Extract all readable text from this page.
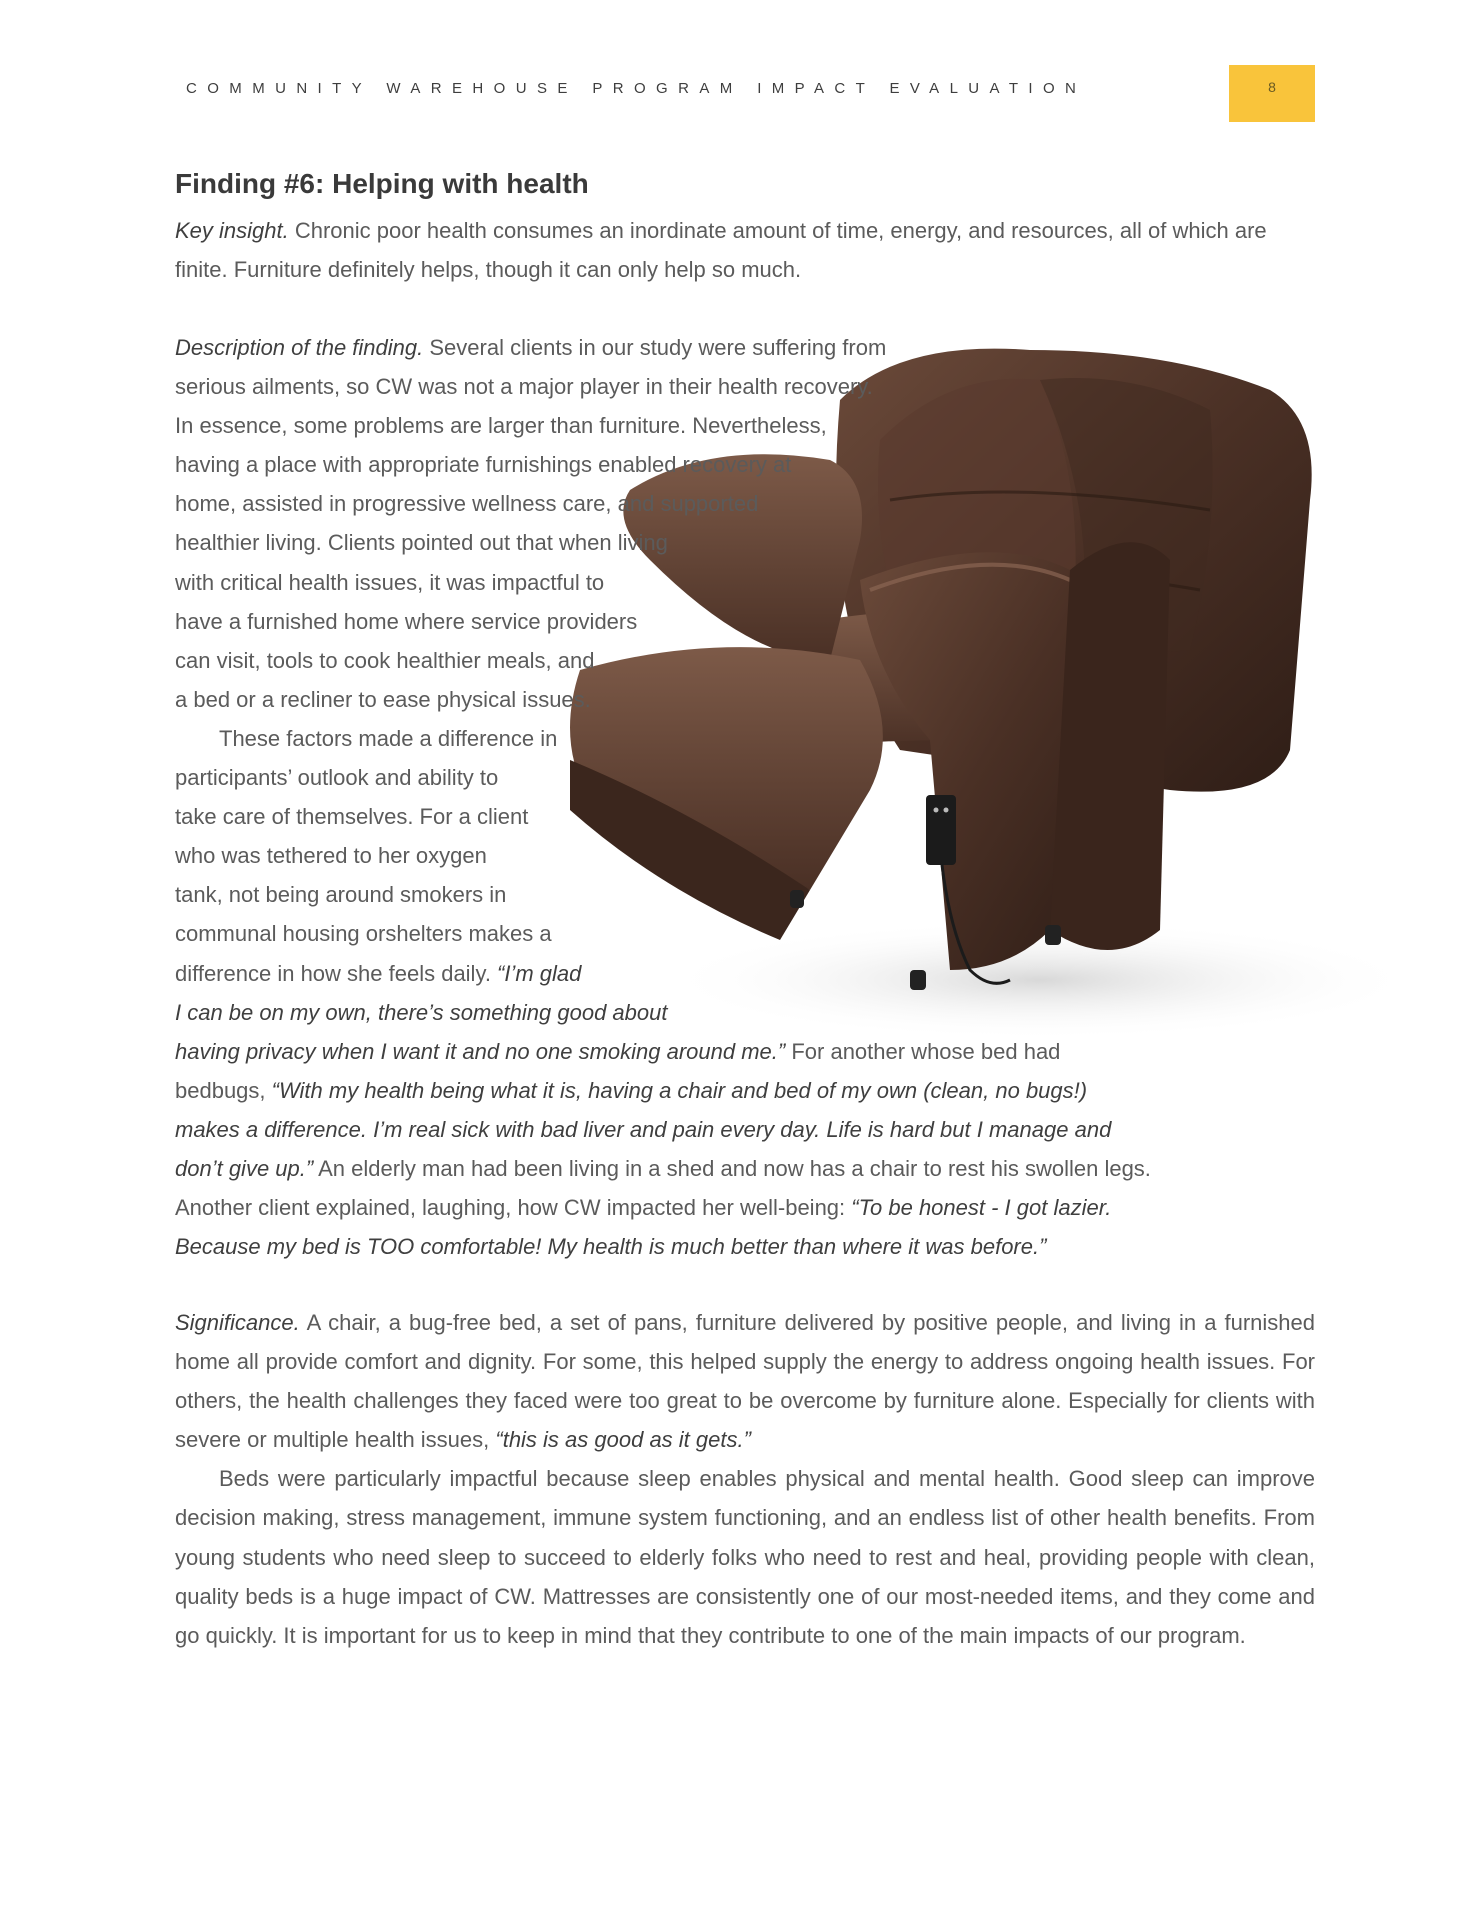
COMMUNITY WAREHOUSE PROGRAM IMPACT EVALUATION	8
Finding #6: Helping with health

Key insight. Chronic poor health consumes an inordinate amount of time, energy, and resources, all of which are finite. Furniture definitely helps, though it can only help so much.

Description of the finding. Several clients in our study were suffering from
serious ailments, so CW was not a major player in their health recovery.
In essence, some problems are larger than furniture. Nevertheless,
having a place with appropriate furnishings enabled recovery at
home, assisted in progressive wellness care, and supported
healthier living. Clients pointed out that when living
with critical health issues, it was impactful to
have a furnished home where service providers
can visit, tools to cook healthier meals, and
a bed or a recliner to ease physical issues.
These factors made a difference in
participants’ outlook and ability to
take care of themselves. For a client
who was tethered to her oxygen
tank, not being around smokers in
communal housing orshelters makes a
difference in how she feels daily. “I’m glad
I can be on my own, there’s something good about
having privacy when I want it and no one smoking around me.” For another whose bed had
bedbugs, “With my health being what it is, having a chair and bed of my own (clean, no bugs!)
makes a difference. I’m real sick with bad liver and pain every day. Life is hard but I manage and
don’t give up.” An elderly man had been living in a shed and now has a chair to rest his swollen legs.
Another client explained, laughing, how CW impacted her well-being: “To be honest - I got lazier.
Because my bed is TOO comfortable! My health is much better than where it was before.”
Significance. A chair, a bug-free bed, a set of pans, furniture delivered by positive people, and living in a furnished home all provide comfort and dignity. For some, this helped supply the energy to address ongoing health issues. For others, the health challenges they faced were too great to be overcome by furniture alone. Especially for clients with severe or multiple health issues, “this is as good as it gets.”
Beds were particularly impactful because sleep enables physical and mental health. Good sleep can improve decision making, stress management, immune system functioning, and an endless list of other health benefits. From young students who need sleep to succeed to elderly folks who need to rest and heal, providing people with clean, quality beds is a huge impact of CW. Mattresses are consistently one of our most-needed items, and they come and go quickly. It is important for us to keep in mind that they contribute to one of the main impacts of our program.
